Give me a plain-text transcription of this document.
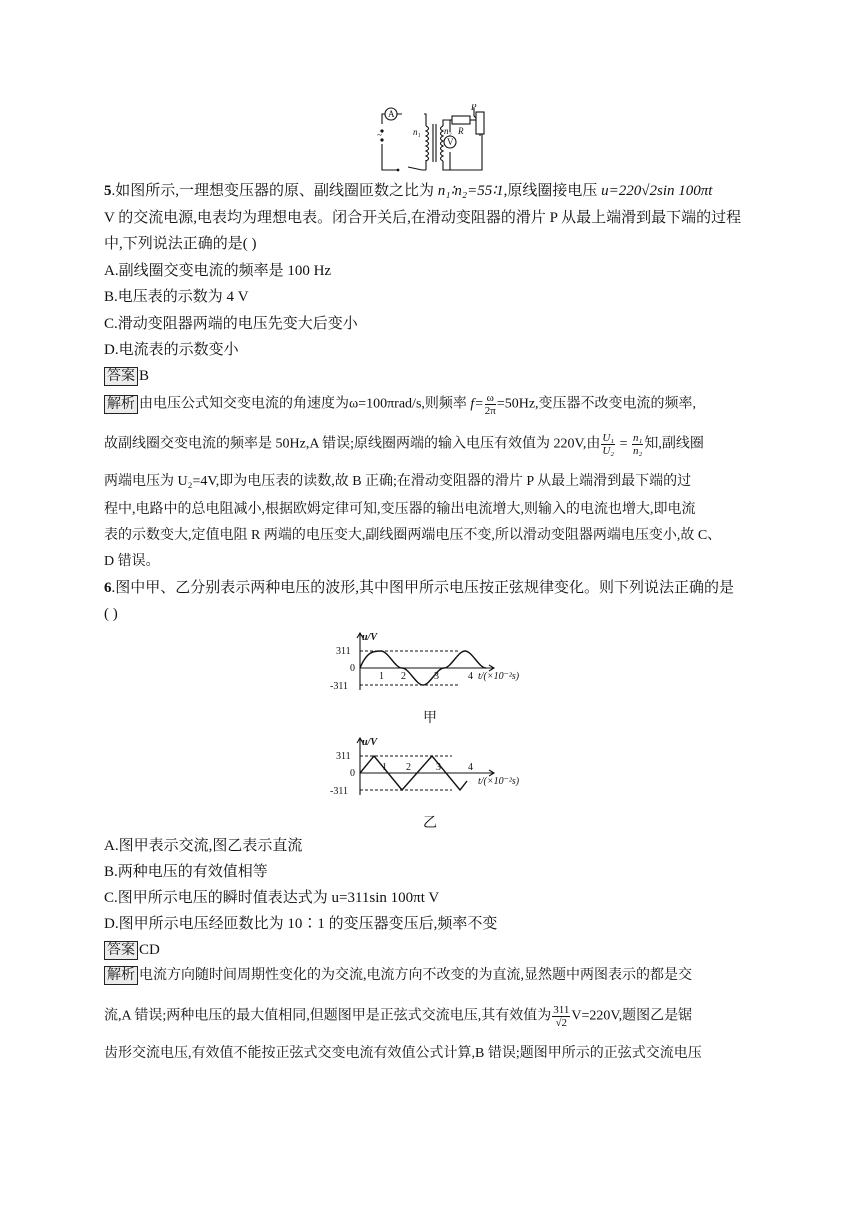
A
V
n₁	n₂ R
P
~
5.如图所示,一理想变压器的原、副线圈匝数之比为 n₁∶n₂=55∶1,原线圈接电压 u=220√2sin 100πt
V 的交流电源,电表均为理想电表。闭合开关后,在滑动变阻器的滑片 P 从最上端滑到最下端的过程
中,下列说法正确的是( )
A.副线圈交变电流的频率是 100 Hz
B.电压表的示数为 4 V
C.滑动变阻器两端的电压先变大后变小
D.电流表的示数变小
答案 B
解析 由电压公式知交变电流的角速度为ω=100πrad/s,则频率 $f= \frac{\omega}{2\pi} =50Hz$,变压器不改变电流的频率,
故副线圈交变电流的频率是 50Hz,A 错误;原线圈两端的输入电压有效值为 220V,由 $\frac{\text{U₁}}{\text{U₂}} = \frac{\text{n₁}}{\text{n₂}}$ 知,副线圈
两端电压为 U₂=4V,即为电压表的读数,故 B 正确;在滑动变阻器的滑片 P 从最上端滑到最下端的过
程中,电路中的总电阻减小,根据欧姆定律可知,变压器的输出电流增大,则输入的电流也增大,即电流
表的示数变大,定值电阻 R 两端的电压变大,副线圈两端电压不变,所以滑动变阻器两端电压变小,故 C、
D 错误。
6.图中甲、乙分别表示两种电压的波形,其中图甲所示电压按正弦规律变化。则下列说法正确的是
( )
u/V
311
0
-311
1 2	3	4 t/(×10⁻²s)
甲
u/V
311
0
-311
1 2	3	4
t/(×10⁻²s)
乙
A.图甲表示交流,图乙表示直流
B.两种电压的有效值相等
C.图甲所示电压的瞬时值表达式为 u=311sin 100πt V
D.图甲所示电压经匝数比为 10∶1 的变压器变压后,频率不变
答案 CD
解析 电流方向随时间周期性变化的为交流,电流方向不改变的为直流,显然题中两图表示的都是交
流,A 错误;两种电压的最大值相同,但题图甲是正弦式交流电压,其有效值为 $\frac{311}{√2} V=220V$,题图乙是锯
齿形交流电压,有效值不能按正弦式交变电流有效值公式计算,B 错误;题图甲所示的正弦式交流电压
